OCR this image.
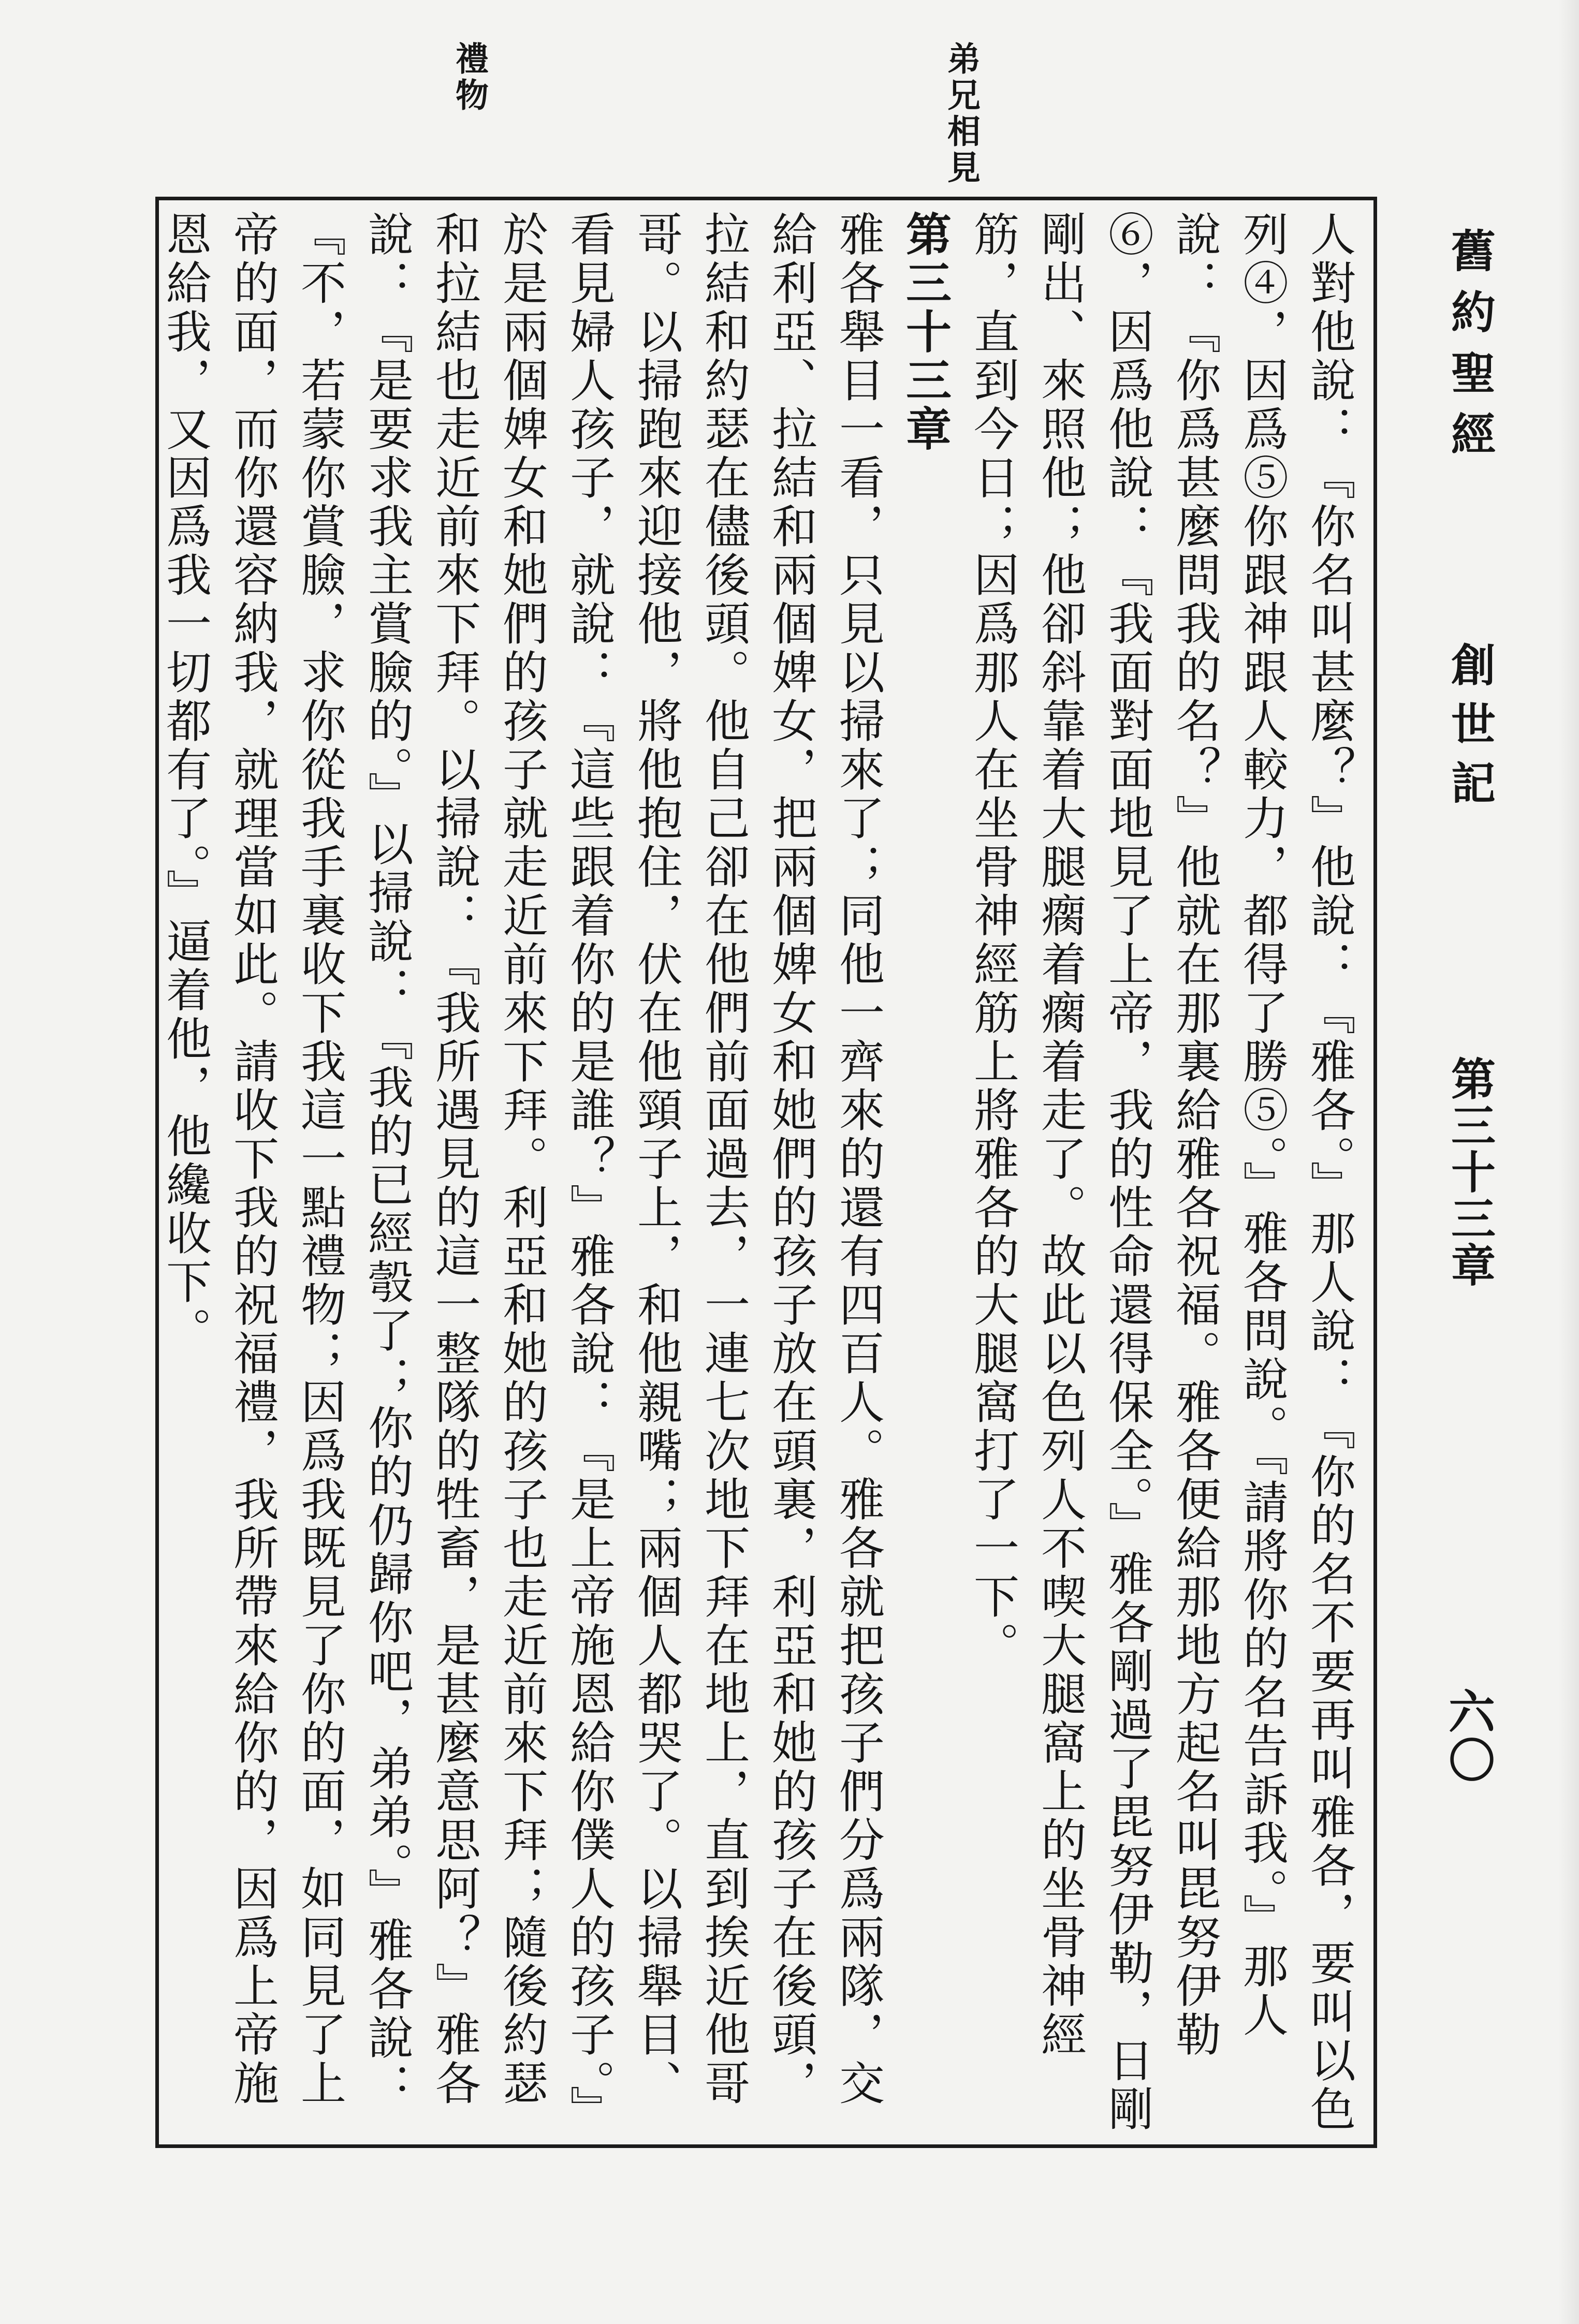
舊約聖經
創世記
第三十三章
六〇
弟兄相見
禮物

人對他說：『你名叫甚麼？』他說：『雅各。』那人說：『你的名不要再叫雅各，要叫以色列④，因爲⑤你跟神跟人較力，都得了勝⑤。』雅各問說。『請將你的名告訴我。』那人說：『你爲甚麼問我的名？』他就在那裏給雅各祝福。雅各便給那地方起名叫毘努伊勒⑥，因爲他說：『我面對面地見了上帝，我的性命還得保全。』雅各剛過了毘努伊勒，日剛剛出、來照他；他卻斜靠着大腿瘸着瘸着走了。故此以色列人不喫大腿窩上的坐骨神經筋，直到今日；因爲那人在坐骨神經筋上將雅各的大腿窩打了一下。

第三十三章

雅各舉目一看，只見以掃來了；同他一齊來的還有四百人。雅各就把孩子們分爲兩隊，交給利亞、拉結和兩個婢女，把兩個婢女和她們的孩子放在頭裏，利亞和她的孩子在後頭，拉結和約瑟在儘後頭。他自己卻在他們前面過去，一連七次地下拜在地上，直到挨近他哥哥。以掃跑來迎接他，將他抱住，伏在他頸子上，和他親嘴；兩個人都哭了。以掃舉目、看見婦人孩子，就說：『這些跟着你的是誰？』雅各說：『是上帝施恩給你僕人的孩子。』於是兩個婢女和她們的孩子就走近前來下拜。利亞和她的孩子也走近前來下拜；隨後約瑟和拉結也走近前來下拜。以掃說：『我所遇見的這一整隊的牲畜，是甚麼意思阿？』雅各說：『是要求我主賞臉的。』以掃說：『我的已經彀了；你的仍歸你吧，弟弟。』雅各說：『不，若蒙你賞臉，求你從我手裏收下我這一點禮物；因爲我既見了你的面，如同見了上帝的面，而你還容納我，就理當如此。請收下我的祝福禮，我所帶來給你的，因爲上帝施恩給我，又因爲我一切都有了。』逼着他，他纔收下。
